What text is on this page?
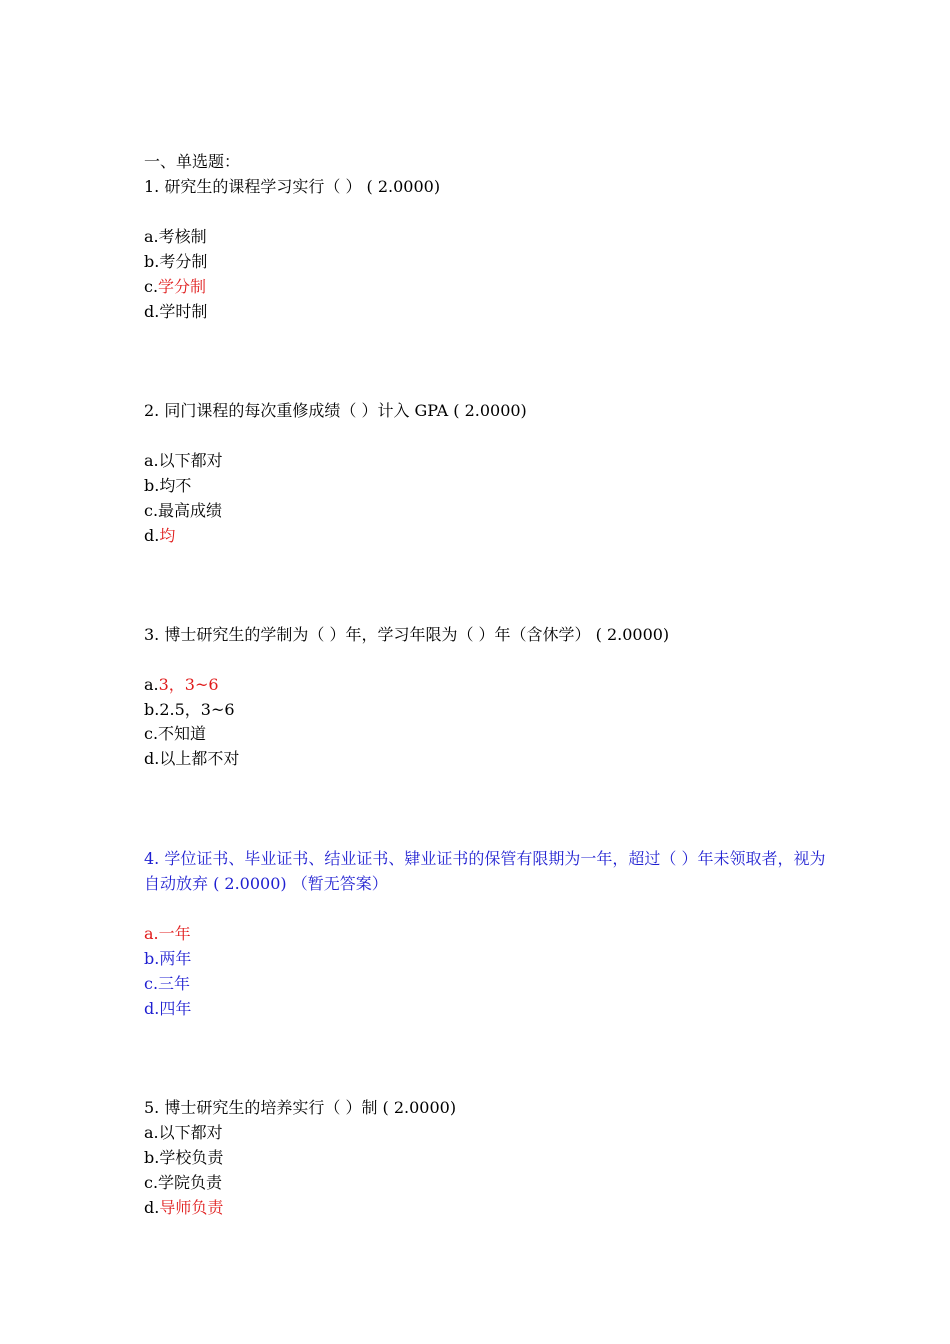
一、单选题：
1. 研究生的课程学习实行（ ） ( 2.0000)
a.考核制
b.考分制
c.学分制
d.学时制
2. 同门课程的每次重修成绩（ ）计入 GPA ( 2.0000)
a.以下都对
b.均不
c.最高成绩
d.均
3. 博士研究生的学制为（ ）年，学习年限为（ ）年（含休学） ( 2.0000)
a.3，3~6
b.2.5，3~6
c.不知道
d.以上都不对
4. 学位证书、毕业证书、结业证书、肄业证书的保管有限期为一年，超过（ ）年未领取者，视为
自动放弃 ( 2.0000) （暂无答案）
a.一年
b.两年
c.三年
d.四年
5. 博士研究生的培养实行（ ）制 ( 2.0000)
a.以下都对
b.学校负责
c.学院负责
d.导师负责
